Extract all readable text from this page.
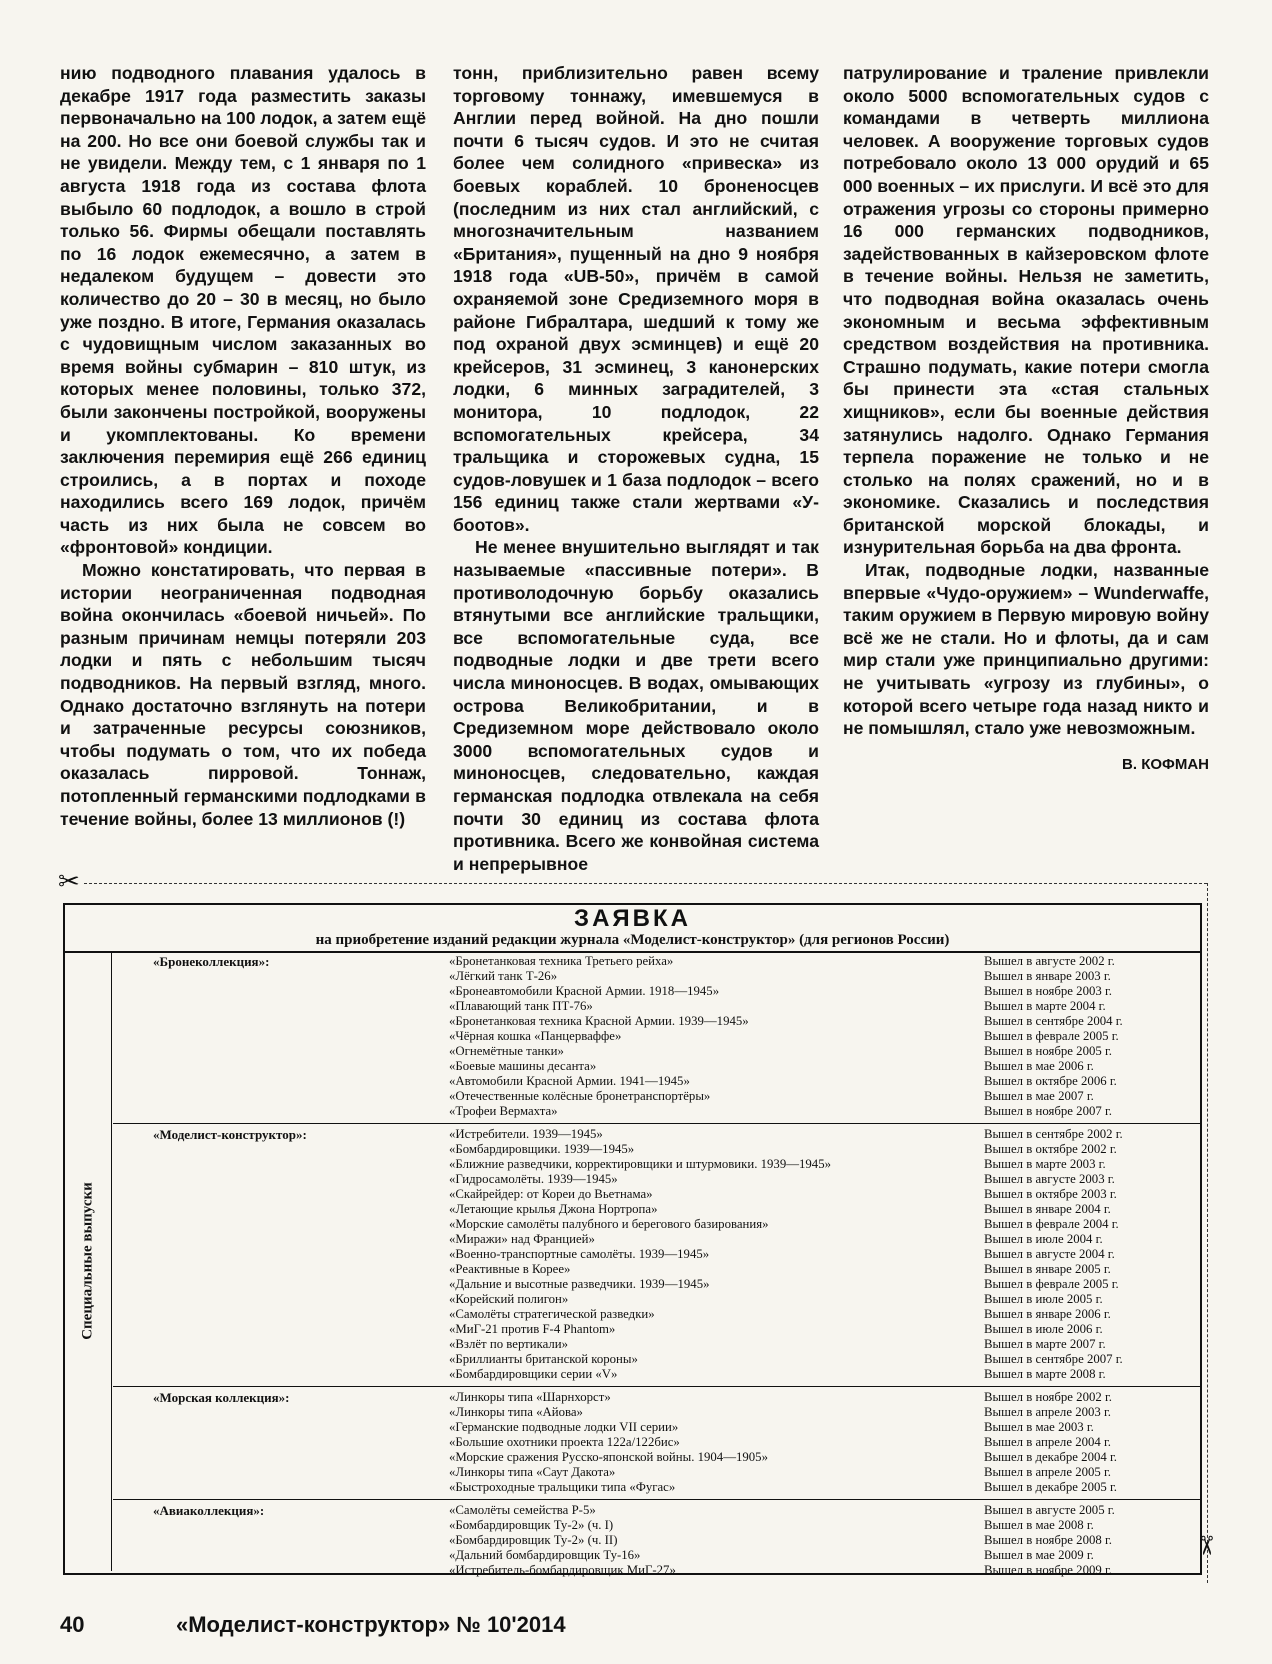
нию подводного плавания удалось в декабре 1917 года разместить заказы первоначально на 100 лодок, а затем ещё на 200. Но все они боевой службы так и не увидели. Между тем, с 1 января по 1 августа 1918 года из состава флота выбыло 60 подлодок, а вошло в строй только 56. Фирмы обещали поставлять по 16 лодок ежемесячно, а затем в недалеком будущем – довести это количество до 20 – 30 в месяц, но было уже поздно. В итоге, Германия оказалась с чудовищным числом заказанных во время войны субмарин – 810 штук, из которых менее половины, только 372, были закончены постройкой, вооружены и укомплектованы. Ко времени заключения перемирия ещё 266 единиц строились, а в портах и походе находились всего 169 лодок, причём часть из них была не совсем во «фронтовой» кондиции.

Можно констатировать, что первая в истории неограниченная подводная война окончилась «боевой ничьей». По разным причинам немцы потеряли 203 лодки и пять с небольшим тысяч подводников. На первый взгляд, много. Однако достаточно взглянуть на потери и затраченные ресурсы союзников, чтобы подумать о том, что их победа оказалась пирровой. Тоннаж, потопленный германскими подлодками в течение войны, более 13 миллионов (!)

тонн, приблизительно равен всему торговому тоннажу, имевшемуся в Англии перед войной. На дно пошли почти 6 тысяч судов. И это не считая более чем солидного «привеска» из боевых кораблей. 10 броненосцев (последним из них стал английский, с многозначительным названием «Британия», пущенный на дно 9 ноября 1918 года «UB-50», причём в самой охраняемой зоне Средиземного моря в районе Гибралтара, шедший к тому же под охраной двух эсминцев) и ещё 20 крейсеров, 31 эсминец, 3 канонерских лодки, 6 минных заградителей, 3 монитора, 10 подлодок, 22 вспомогательных крейсера, 34 тральщика и сторожевых судна, 15 судов-ловушек и 1 база подлодок – всего 156 единиц также стали жертвами «У-боотов».

Не менее внушительно выглядят и так называемые «пассивные потери». В противолодочную борьбу оказались втянутыми все английские тральщики, все вспомогательные суда, все подводные лодки и две трети всего числа миноносцев. В водах, омывающих острова Великобритании, и в Средиземном море действовало около 3000 вспомогательных судов и миноносцев, следовательно, каждая германская подлодка отвлекала на себя почти 30 единиц из состава флота противника. Всего же конвойная система и непрерывное

патрулирование и траление привлекли около 5000 вспомогательных судов с командами в четверть миллиона человек. А вооружение торговых судов потребовало около 13 000 орудий и 65 000 военных – их прислуги. И всё это для отражения угрозы со стороны примерно 16 000 германских подводников, задействованных в кайзеровском флоте в течение войны. Нельзя не заметить, что подводная война оказалась очень экономным и весьма эффективным средством воздействия на противника. Страшно подумать, какие потери смогла бы принести эта «стая стальных хищников», если бы военные действия затянулись надолго. Однако Германия терпела поражение не только и не столько на полях сражений, но и в экономике. Сказались и последствия британской морской блокады, и изнурительная борьба на два фронта.

Итак, подводные лодки, названные впервые «Чудо-оружием» – Wunderwaffe, таким оружием в Первую мировую войну всё же не стали. Но и флоты, да и сам мир стали уже принципиально другими: не учитывать «угрозу из глубины», о которой всего четыре года назад никто и не помышлял, стало уже невозможным.

В. КОФМАН
✂
✂
ЗАЯВКА
на приобретение изданий редакции журнала «Моделист-конструктор» (для регионов России)
Специальные выпуски
«Бронеколлекция»:	«Бронетанковая техника Третьего рейха»	Вышел в августе 2002 г.
«Лёгкий танк Т-26»	Вышел в январе 2003 г.
«Бронеавтомобили Красной Армии. 1918—1945»	Вышел в ноябре 2003 г.
«Плавающий танк ПТ-76»	Вышел в марте 2004 г.
«Бронетанковая техника Красной Армии. 1939—1945»	Вышел в сентябре 2004 г.
«Чёрная кошка «Панцерваффе»	Вышел в феврале 2005 г.
«Огнемётные танки»	Вышел в ноябре 2005 г.
«Боевые машины десанта»	Вышел в мае 2006 г.
«Автомобили Красной Армии. 1941—1945»	Вышел в октябре 2006 г.
«Отечественные колёсные бронетранспортёры»	Вышел в мае 2007 г.
«Трофеи Вермахта»	Вышел в ноябре 2007 г.
«Моделист-конструктор»:	«Истребители. 1939—1945»	Вышел в сентябре 2002 г.
«Бомбардировщики. 1939—1945»	Вышел в октябре 2002 г.
«Ближние разведчики, корректировщики и штурмовики. 1939—1945»	Вышел в марте 2003 г.
«Гидросамолёты. 1939—1945»	Вышел в августе 2003 г.
«Скайрейдер: от Кореи до Вьетнама»	Вышел в октябре 2003 г.
«Летающие крылья Джона Нортропа»	Вышел в январе 2004 г.
«Морские самолёты палубного и берегового базирования»	Вышел в феврале 2004 г.
«Миражи» над Францией»	Вышел в июле 2004 г.
«Военно-транспортные самолёты. 1939—1945»	Вышел в августе 2004 г.
«Реактивные в Корее»	Вышел в январе 2005 г.
«Дальние и высотные разведчики. 1939—1945»	Вышел в феврале 2005 г.
«Корейский полигон»	Вышел в июле 2005 г.
«Самолёты стратегической разведки»	Вышел в январе 2006 г.
«МиГ-21 против F-4 Phantom»	Вышел в июле 2006 г.
«Взлёт по вертикали»	Вышел в марте 2007 г.
«Бриллианты британской короны»	Вышел в сентябре 2007 г.
«Бомбардировщики серии «V»	Вышел в марте 2008 г.
«Морская коллекция»:	«Линкоры типа «Шарнхорст»	Вышел в ноябре 2002 г.
«Линкоры типа «Айова»	Вышел в апреле 2003 г.
«Германские подводные лодки VII серии»	Вышел в мае 2003 г.
«Большие охотники проекта 122а/122бис»	Вышел в апреле 2004 г.
«Морские сражения Русско-японской войны. 1904—1905»	Вышел в декабре 2004 г.
«Линкоры типа «Саут Дакота»	Вышел в апреле 2005 г.
«Быстроходные тральщики типа «Фугас»	Вышел в декабре 2005 г.
«Авиаколлекция»:	«Самолёты семейства Р-5»	Вышел в августе 2005 г.
«Бомбардировщик Ту-2» (ч. I)	Вышел в мае 2008 г.
«Бомбардировщик Ту-2» (ч. II)	Вышел в ноябре 2008 г.
«Дальний бомбардировщик Ту-16»	Вышел в мае 2009 г.
«Истребитель-бомбардировщик МиГ-27»	Вышел в ноябре 2009 г.
40	«Моделист-конструктор» № 10'2014
